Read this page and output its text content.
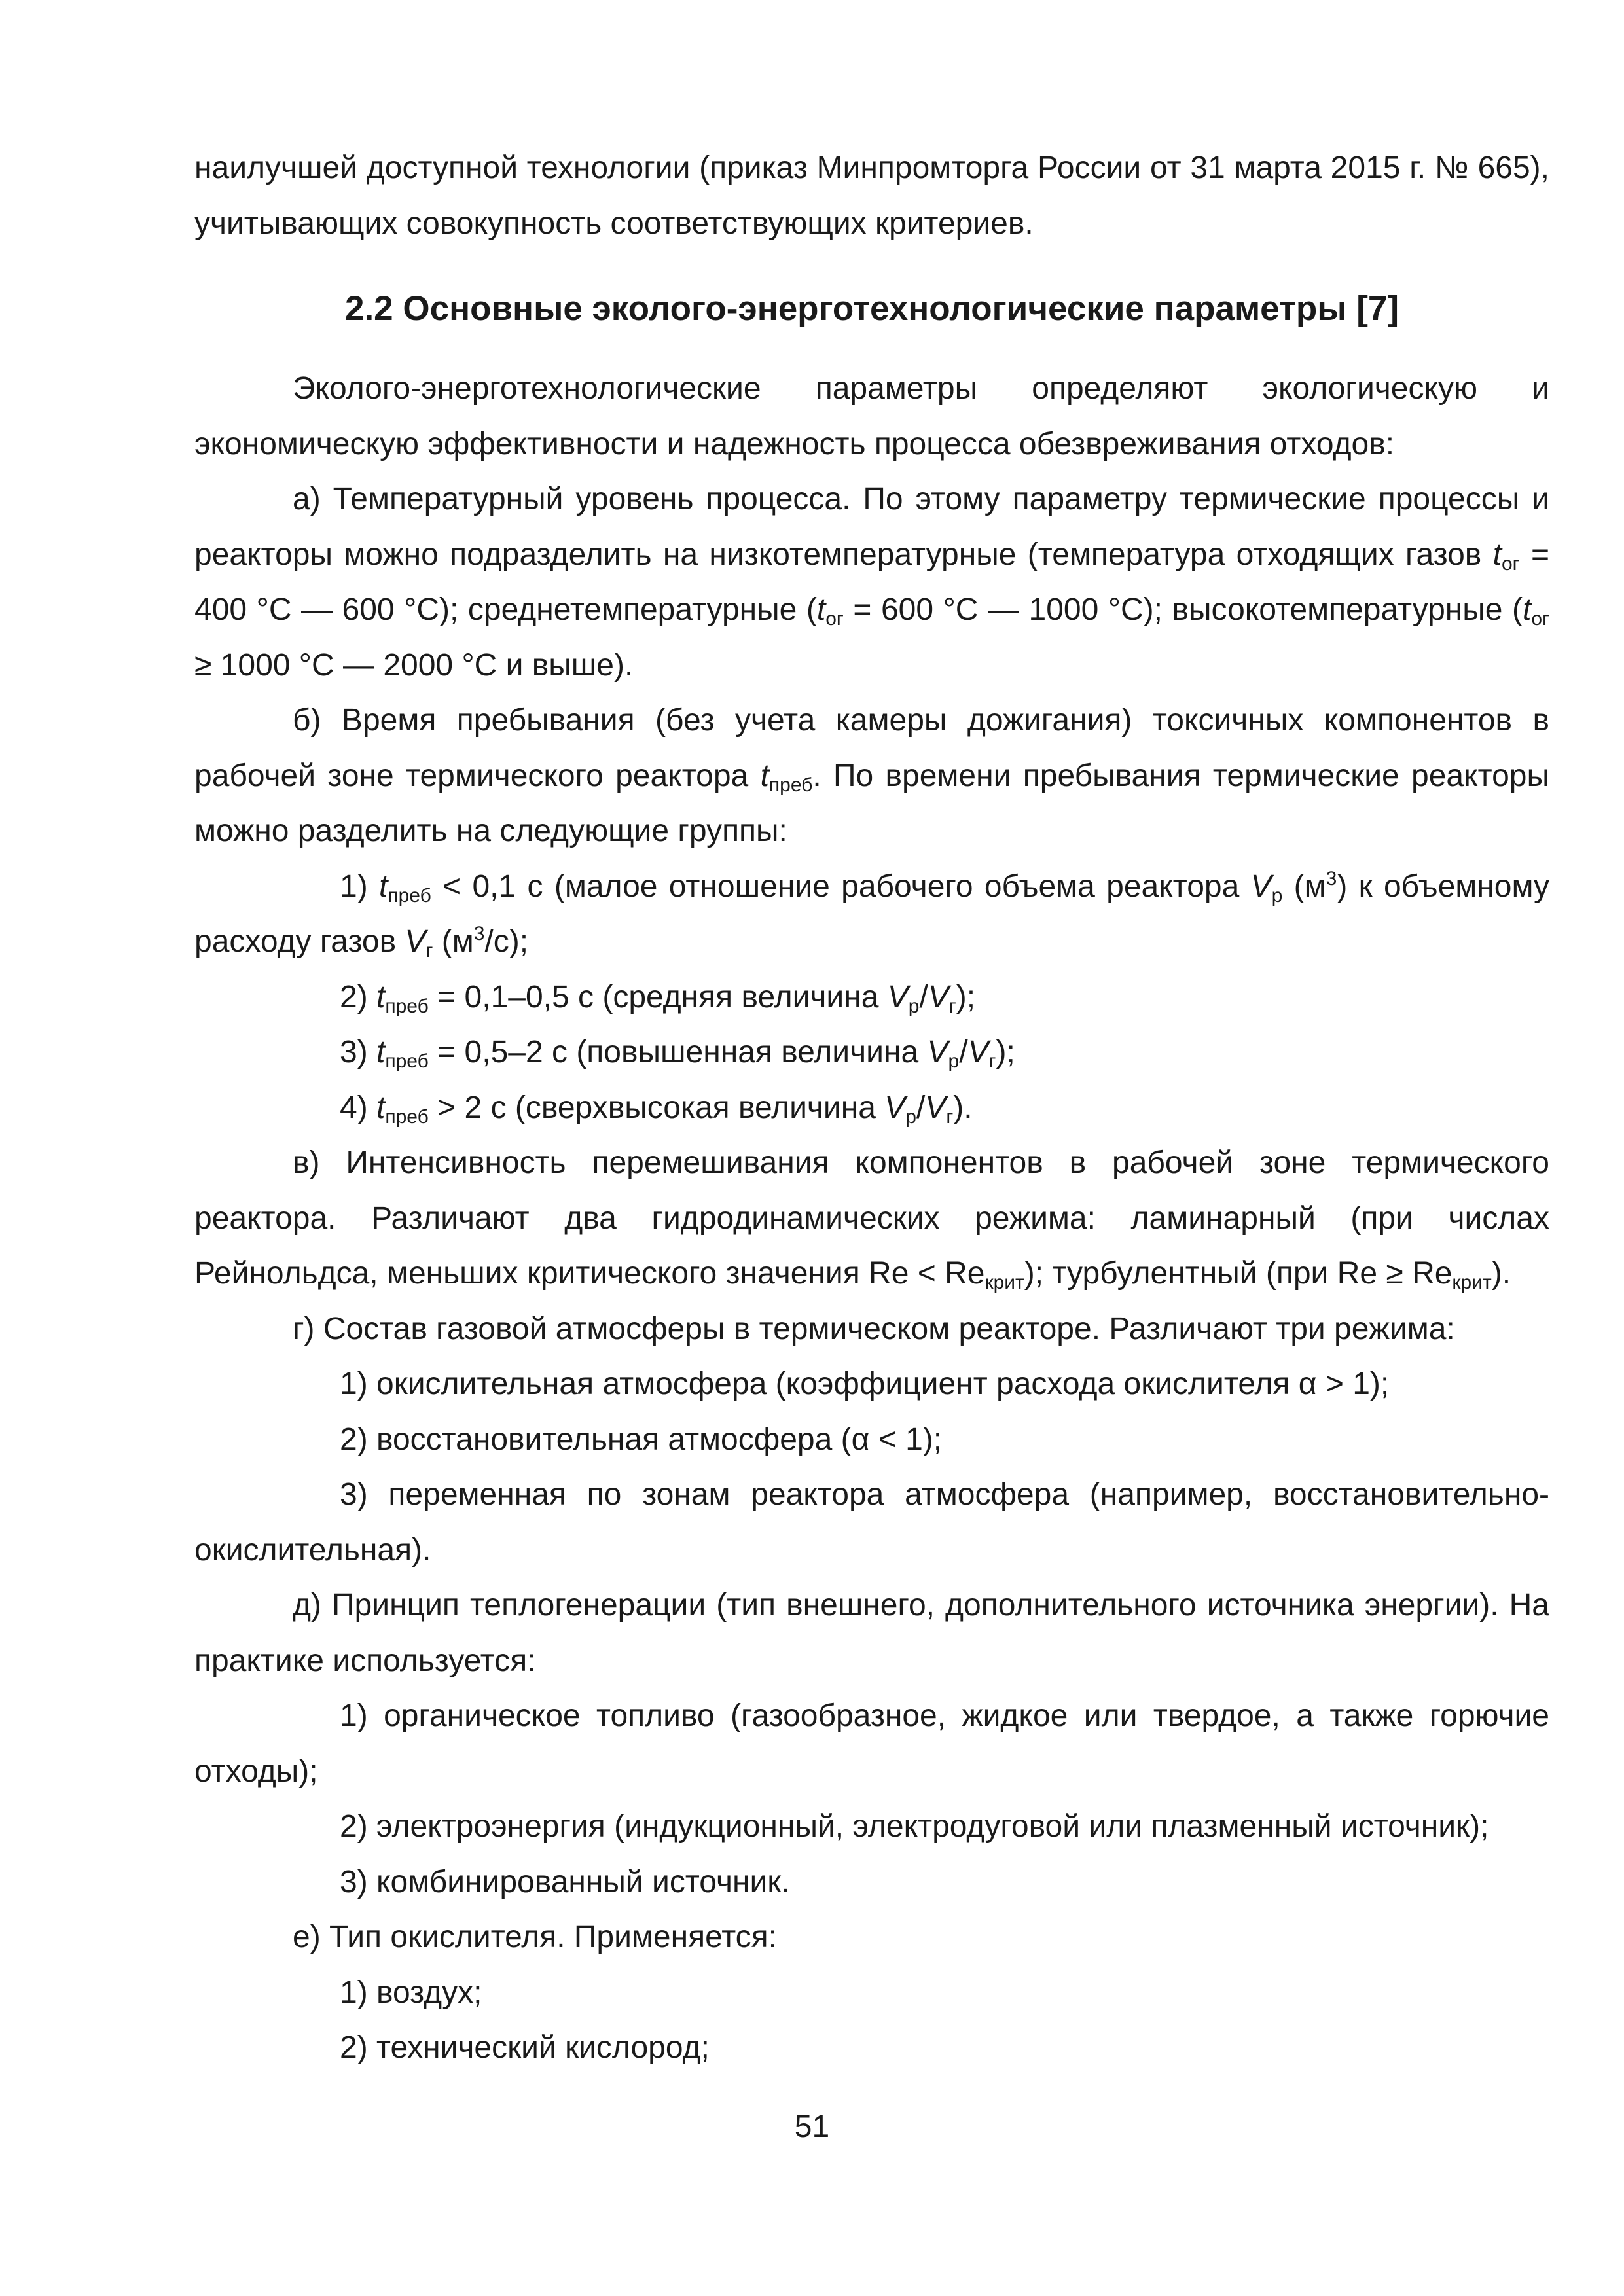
наилучшей доступной технологии (приказ Минпромторга России от 31 марта 2015 г. № 665), учитывающих совокупность соответствующих критериев.

2.2 Основные эколого-энерготехнологические параметры [7]

Эколого-энерготехнологические параметры определяют экологическую и экономическую эффективности и надежность процесса обезвреживания отходов:

а) Температурный уровень процесса. По этому параметру термические процессы и реакторы можно подразделить на низкотемпературные (температура отходящих газов $t_{ог} = 400$ °С — 600 °С); среднетемпературные ($t_{ог} = 600$ °С — 1000 °С); высокотемпературные ($t_{ог} \ge 1000$ °С — 2000 °С и выше).

б) Время пребывания (без учета камеры дожигания) токсичных компонентов в рабочей зоне термического реактора $t_{преб}$. По времени пребывания термические реакторы можно разделить на следующие группы:

1) $t_{преб} < 0,1$ с (малое отношение рабочего объема реактора $V_р$ $(м^3)$ к объемному расходу газов $V_г$ $(м^3/с)$;

2) $t_{преб} = 0,1-0,5$ с (средняя величина $V_р/V_г$);

3) $t_{преб} = 0,5-2$ с (повышенная величина $V_р/V_г$);

4) $t_{преб} > 2$ с (сверхвысокая величина $V_р/V_г$).

в) Интенсивность перемешивания компонентов в рабочей зоне термического реактора. Различают два гидродинамических режима: ламинарный (при числах Рейнольдса, меньших критического значения $Re < Re_{крит}$); турбулентный (при $Re \ge Re_{крит}$).

г) Состав газовой атмосферы в термическом реакторе. Различают три режима:

1) окислительная атмосфера (коэффициент расхода окислителя α > 1);

2) восстановительная атмосфера (α < 1);

3) переменная по зонам реактора атмосфера (например, восстановительно-окислительная).

д) Принцип теплогенерации (тип внешнего, дополнительного источника энергии). На практике используется:

1) органическое топливо (газообразное, жидкое или твердое, а также горючие отходы);

2) электроэнергия (индукционный, электродуговой или плазменный источник);

3) комбинированный источник.

е) Тип окислителя. Применяется:

1) воздух;

2) технический кислород;

51
